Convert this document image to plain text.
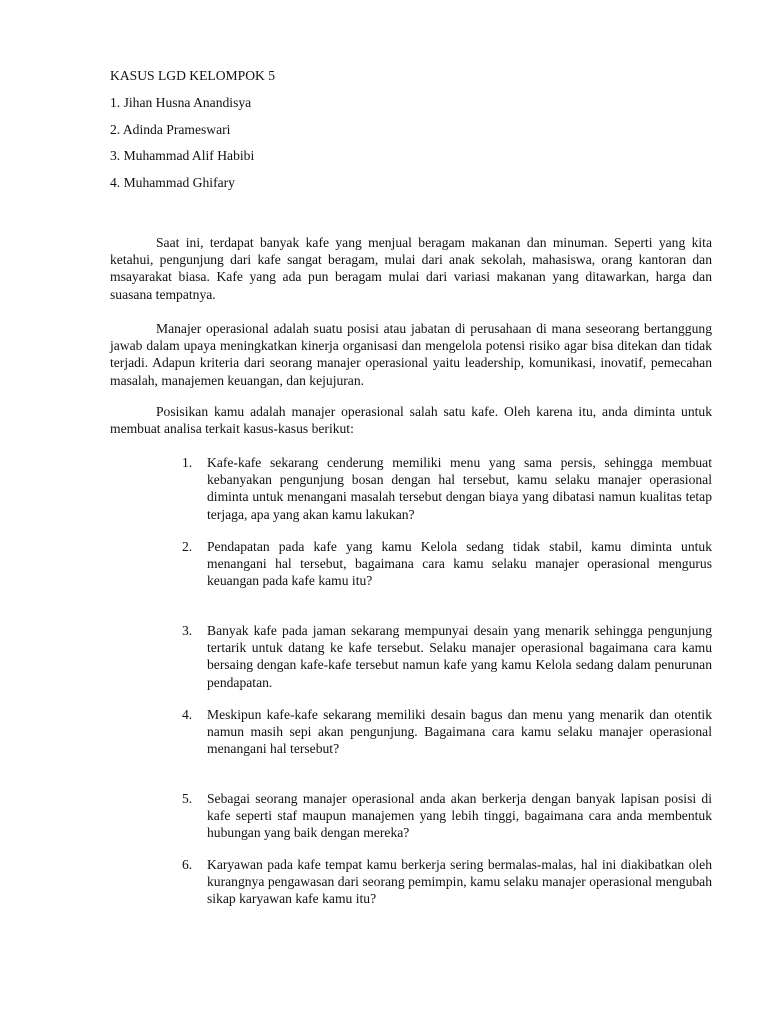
KASUS LGD KELOMPOK 5
1. Jihan Husna Anandisya
2. Adinda Prameswari
3. Muhammad Alif Habibi
4. Muhammad Ghifary

Saat ini, terdapat banyak kafe yang menjual beragam makanan dan minuman. Seperti yang kita ketahui, pengunjung dari kafe sangat beragam, mulai dari anak sekolah, mahasiswa, orang kantoran dan msayarakat biasa. Kafe yang ada pun beragam mulai dari variasi makanan yang ditawarkan, harga dan suasana tempatnya.

Manajer operasional adalah suatu posisi atau jabatan di perusahaan di mana seseorang bertanggung jawab dalam upaya meningkatkan kinerja organisasi dan mengelola potensi risiko agar bisa ditekan dan tidak terjadi. Adapun kriteria dari seorang manajer operasional yaitu leadership, komunikasi, inovatif, pemecahan masalah, manajemen keuangan, dan kejujuran.

Posisikan kamu adalah manajer operasional salah satu kafe. Oleh karena itu, anda diminta untuk membuat analisa terkait kasus-kasus berikut:

1.	Kafe-kafe sekarang cenderung memiliki menu yang sama persis, sehingga membuat kebanyakan pengunjung bosan dengan hal tersebut, kamu selaku manajer operasional diminta untuk menangani masalah tersebut dengan biaya yang dibatasi namun kualitas tetap terjaga, apa yang akan kamu lakukan?

2.	Pendapatan pada kafe yang kamu Kelola sedang tidak stabil, kamu diminta untuk menangani hal tersebut, bagaimana cara kamu selaku manajer operasional mengurus keuangan pada kafe kamu itu?

3.	Banyak kafe pada jaman sekarang mempunyai desain yang menarik sehingga pengunjung tertarik untuk datang ke kafe tersebut. Selaku manajer operasional bagaimana cara kamu bersaing dengan kafe-kafe tersebut namun kafe yang kamu Kelola sedang dalam penurunan pendapatan.

4.	Meskipun kafe-kafe sekarang memiliki desain bagus dan menu yang menarik dan otentik namun masih sepi akan pengunjung. Bagaimana cara kamu selaku manajer operasional menangani hal tersebut?

5.	Sebagai seorang manajer operasional anda akan berkerja dengan banyak lapisan posisi di kafe seperti staf maupun manajemen yang lebih tinggi, bagaimana cara anda membentuk hubungan yang baik dengan mereka?

6.	Karyawan pada kafe tempat kamu berkerja sering bermalas-malas, hal ini diakibatkan oleh kurangnya pengawasan dari seorang pemimpin, kamu selaku manajer operasional mengubah sikap karyawan kafe kamu itu?
